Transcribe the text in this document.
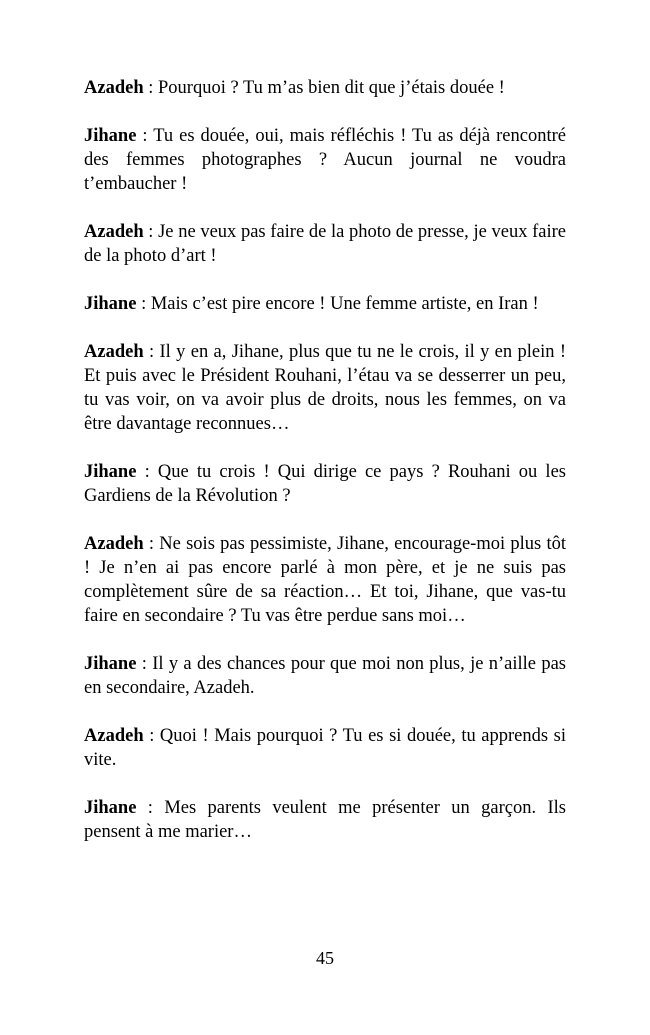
Azadeh : Pourquoi ? Tu m’as bien dit que j’étais douée !

Jihane : Tu es douée, oui, mais réfléchis ! Tu as déjà rencontré des femmes photographes ? Aucun journal ne voudra t’embaucher !

Azadeh : Je ne veux pas faire de la photo de presse, je veux faire de la photo d’art !

Jihane : Mais c’est pire encore ! Une femme artiste, en Iran !

Azadeh : Il y en a, Jihane, plus que tu ne le crois, il y en plein ! Et puis avec le Président Rouhani, l’étau va se desserrer un peu, tu vas voir, on va avoir plus de droits, nous les femmes, on va être davantage reconnues…

Jihane : Que tu crois ! Qui dirige ce pays ? Rouhani ou les Gardiens de la Révolution ?

Azadeh : Ne sois pas pessimiste, Jihane, encourage-moi plus tôt ! Je n’en ai pas encore parlé à mon père, et je ne suis pas complètement sûre de sa réaction… Et toi, Jihane, que vas-tu faire en secondaire ? Tu vas être perdue sans moi…

Jihane : Il y a des chances pour que moi non plus, je n’aille pas en secondaire, Azadeh.

Azadeh : Quoi ! Mais pourquoi ? Tu es si douée, tu apprends si vite.

Jihane : Mes parents veulent me présenter un garçon. Ils pensent à me marier…

45
